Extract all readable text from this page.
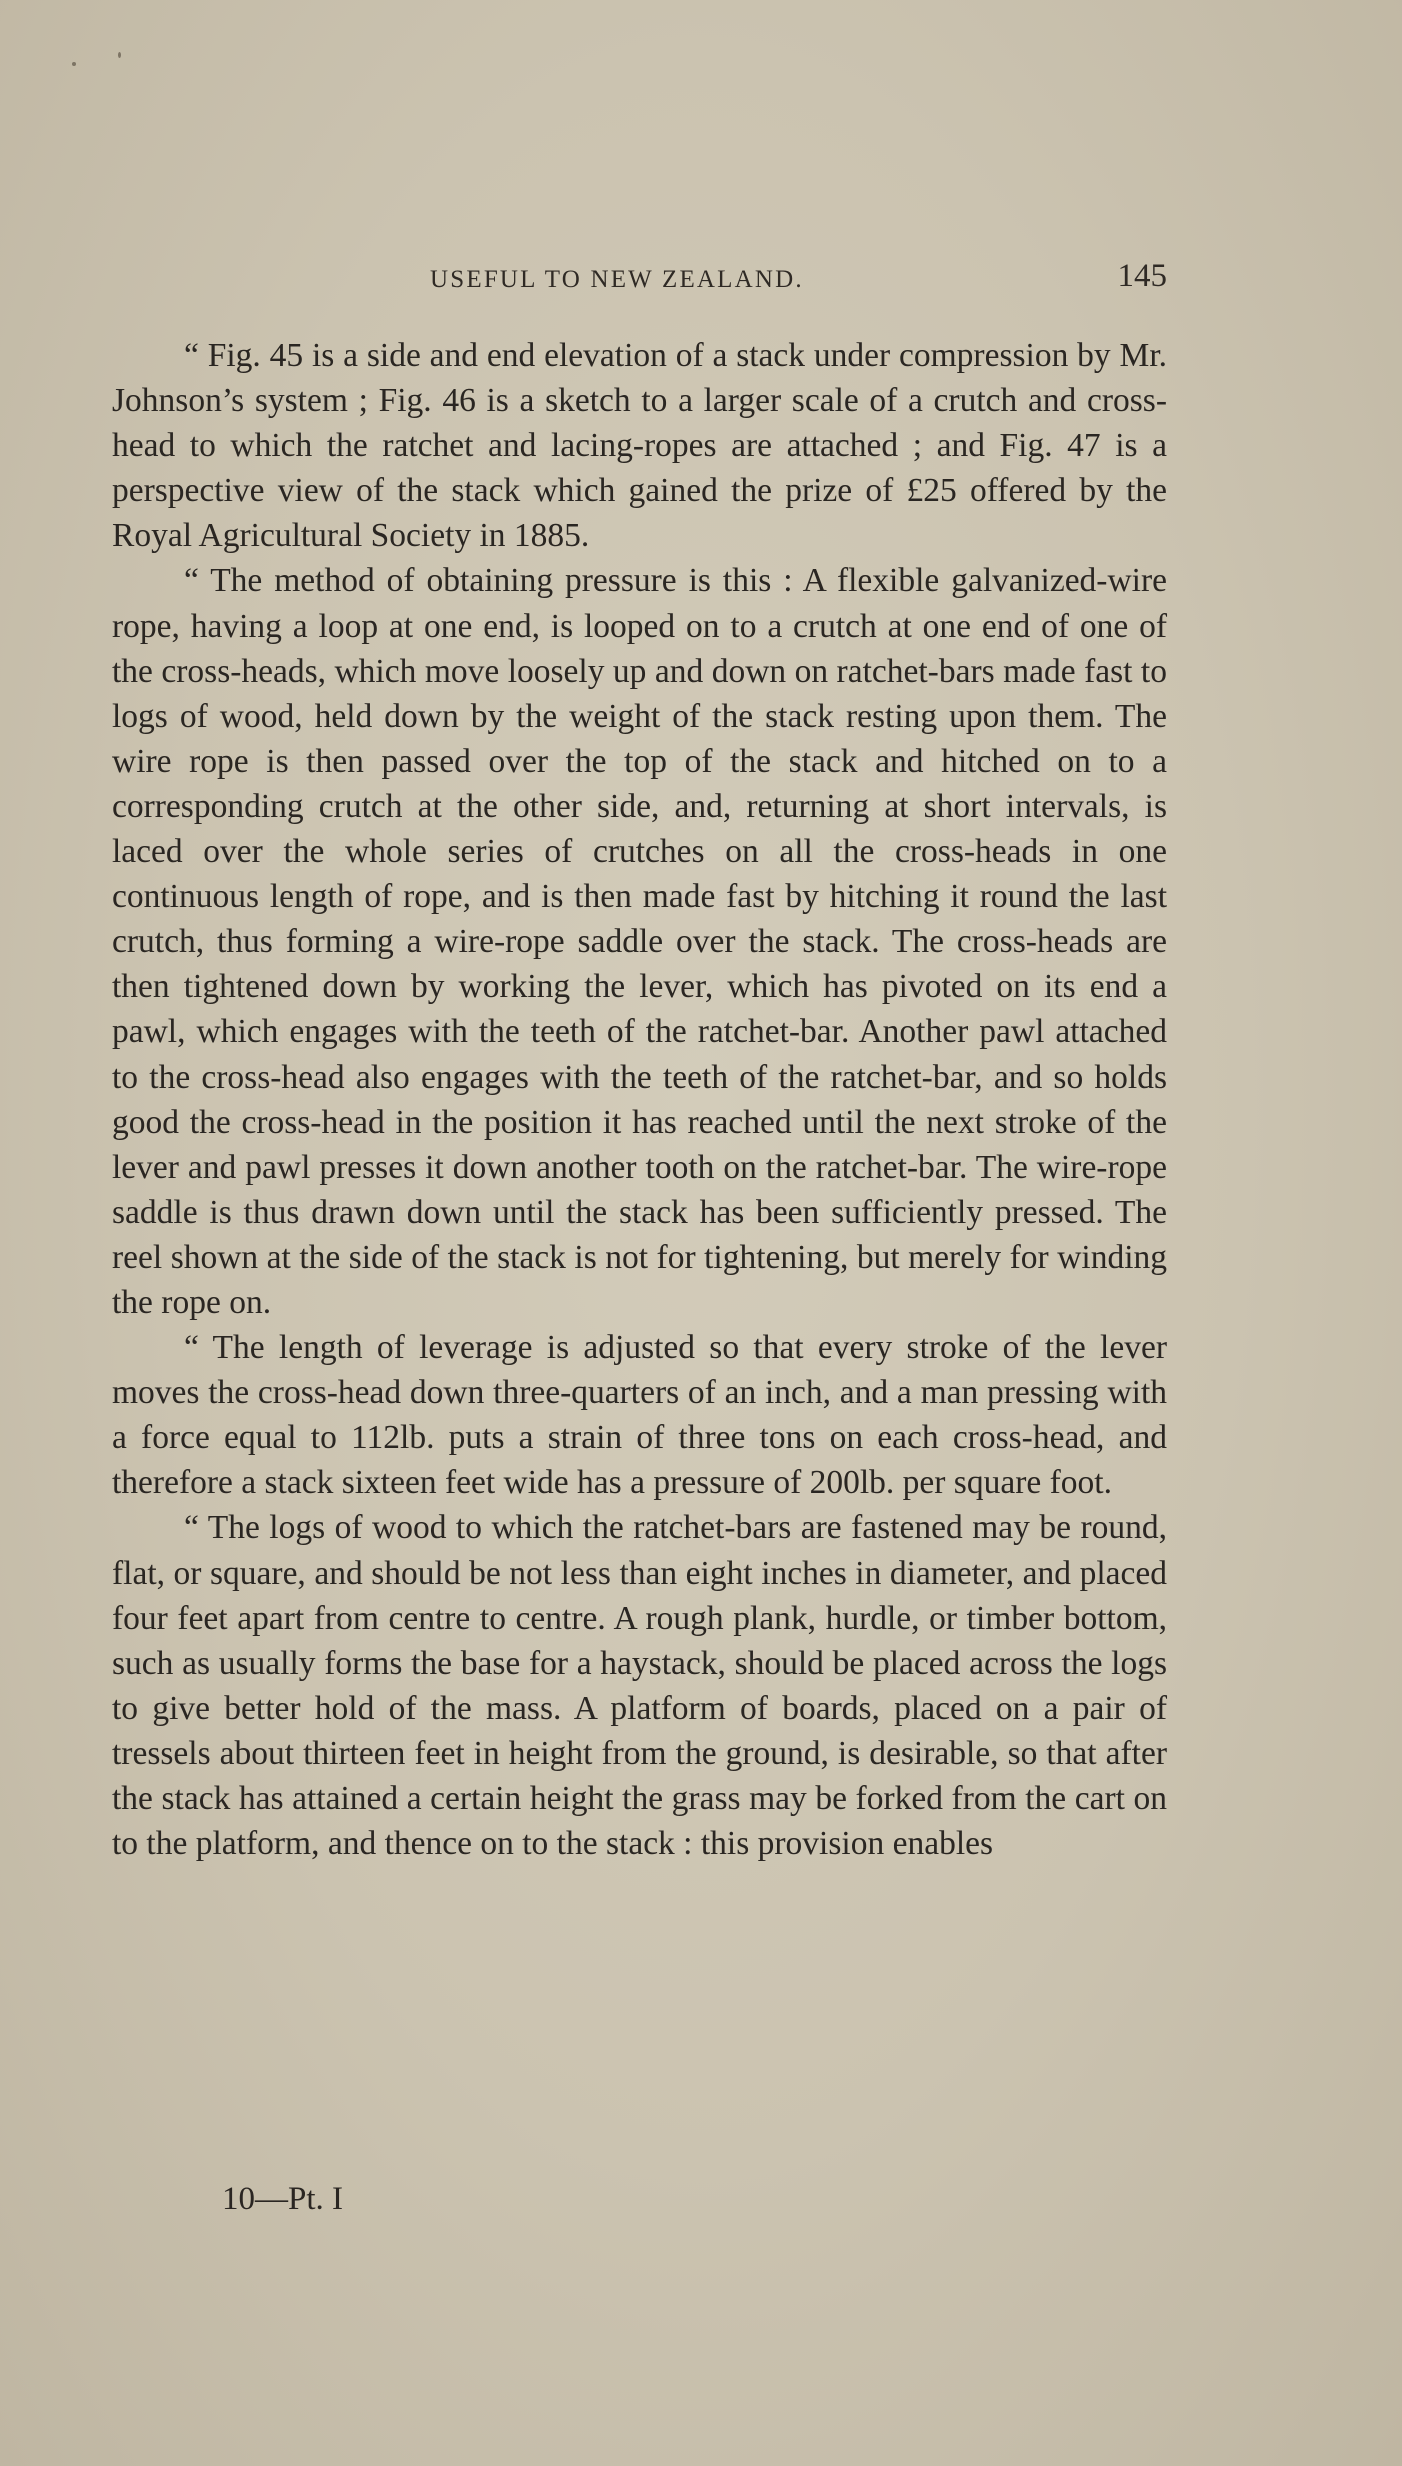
USEFUL TO NEW ZEALAND.	145

“ Fig. 45 is a side and end elevation of a stack under compression by Mr. Johnson’s system ; Fig. 46 is a sketch to a larger scale of a crutch and cross-head to which the ratchet and lacing-ropes are attached ; and Fig. 47 is a perspective view of the stack which gained the prize of £25 offered by the Royal Agricultural Society in 1885.

“ The method of obtaining pressure is this : A flexible galvanized-wire rope, having a loop at one end, is looped on to a crutch at one end of one of the cross-heads, which move loosely up and down on ratchet-bars made fast to logs of wood, held down by the weight of the stack resting upon them. The wire rope is then passed over the top of the stack and hitched on to a corresponding crutch at the other side, and, returning at short intervals, is laced over the whole series of crutches on all the cross-heads in one continuous length of rope, and is then made fast by hitching it round the last crutch, thus forming a wire-rope saddle over the stack. The cross-heads are then tightened down by working the lever, which has pivoted on its end a pawl, which engages with the teeth of the ratchet-bar. Another pawl attached to the cross-head also engages with the teeth of the ratchet-bar, and so holds good the cross-head in the position it has reached until the next stroke of the lever and pawl presses it down another tooth on the ratchet-bar. The wire-rope saddle is thus drawn down until the stack has been sufficiently pressed. The reel shown at the side of the stack is not for tightening, but merely for winding the rope on.

“ The length of leverage is adjusted so that every stroke of the lever moves the cross-head down three-quarters of an inch, and a man pressing with a force equal to 112lb. puts a strain of three tons on each cross-head, and therefore a stack sixteen feet wide has a pressure of 200lb. per square foot.

“ The logs of wood to which the ratchet-bars are fastened may be round, flat, or square, and should be not less than eight inches in diameter, and placed four feet apart from centre to centre. A rough plank, hurdle, or timber bottom, such as usually forms the base for a haystack, should be placed across the logs to give better hold of the mass. A platform of boards, placed on a pair of tressels about thirteen feet in height from the ground, is desirable, so that after the stack has attained a certain height the grass may be forked from the cart on to the platform, and thence on to the stack : this provision enables

10—Pt. I
